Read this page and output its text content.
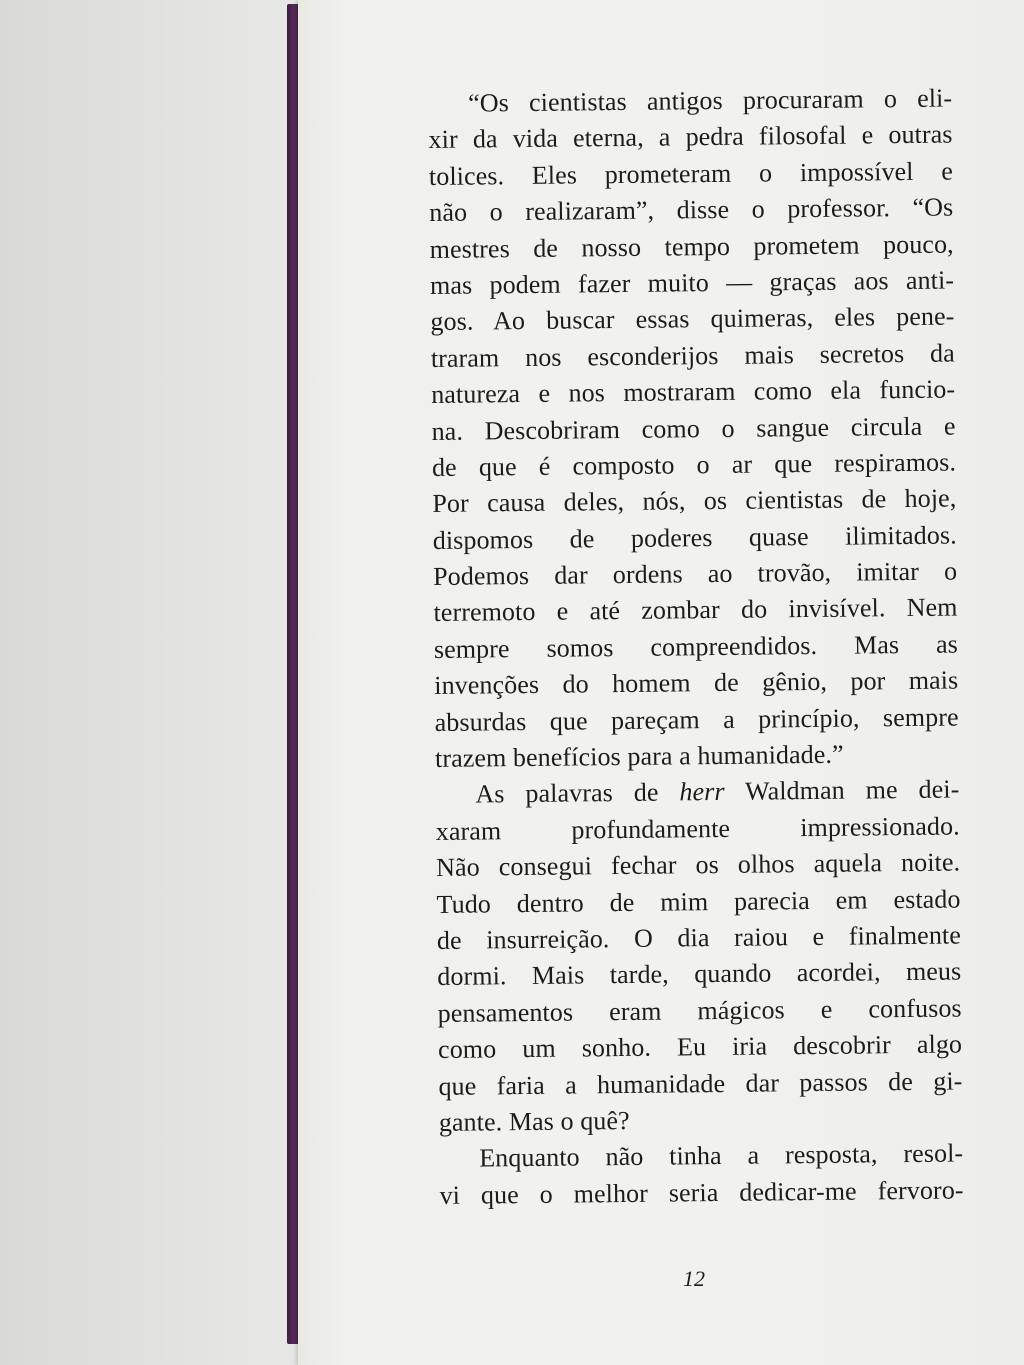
“Os cientistas antigos procuraram o eli-
xir da vida eterna, a pedra filosofal e outras
tolices. Eles prometeram o impossível e
não o realizaram”, disse o professor. “Os
mestres de nosso tempo prometem pouco,
mas podem fazer muito — graças aos anti-
gos. Ao buscar essas quimeras, eles pene-
traram nos esconderijos mais secretos da
natureza e nos mostraram como ela funcio-
na. Descobriram como o sangue circula e
de que é composto o ar que respiramos.
Por causa deles, nós, os cientistas de hoje,
dispomos de poderes quase ilimitados.
Podemos dar ordens ao trovão, imitar o
terremoto e até zombar do invisível. Nem
sempre somos compreendidos. Mas as
invenções do homem de gênio, por mais
absurdas que pareçam a princípio, sempre
trazem benefícios para a humanidade.”
As palavras de herr Waldman me dei-
xaram profundamente impressionado.
Não consegui fechar os olhos aquela noite.
Tudo dentro de mim parecia em estado
de insurreição. O dia raiou e finalmente
dormi. Mais tarde, quando acordei, meus
pensamentos eram mágicos e confusos
como um sonho. Eu iria descobrir algo
que faria a humanidade dar passos de gi-
gante. Mas o quê?
Enquanto não tinha a resposta, resol-
vi que o melhor seria dedicar-me fervoro-
12
